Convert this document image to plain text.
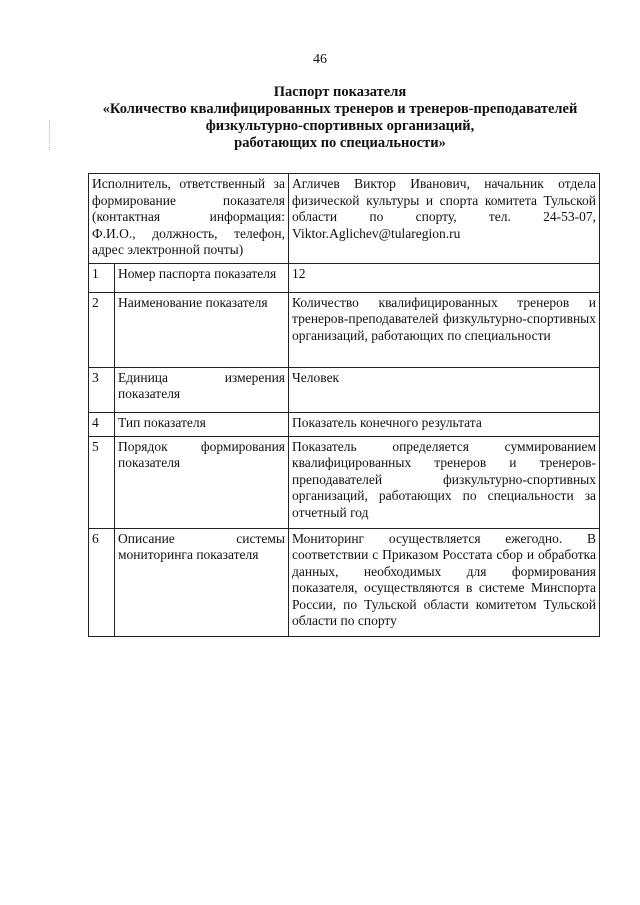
46
Паспорт показателя
«Количество квалифицированных тренеров и тренеров-преподавателей
физкультурно-спортивных организаций,
работающих по специальности»
Исполнитель, ответственный за формирование показателя (контактная информация: Ф.И.О., должность, телефон, адрес электронной почты)		Агличев Виктор Иванович, начальник отдела физической культуры и спорта комитета Тульской области по спорту, тел. 24-53-07, Viktor.Aglichev@tularegion.ru
1	Номер паспорта показателя	12
2	Наименование показателя	Количество квалифицированных тренеров и тренеров-преподавателей физкультурно-спортивных организаций, работающих по специальности
3	Единица измерения показателя	Человек
4	Тип показателя	Показатель конечного результата
5	Порядок формирования показателя	Показатель определяется суммированием квалифицированных тренеров и тренеров-преподавателей физкультурно-спортивных организаций, работающих по специальности за отчетный год
6	Описание системы мониторинга показателя	Мониторинг осуществляется ежегодно. В соответствии с Приказом Росстата сбор и обработка данных, необходимых для формирования показателя, осуществляются в системе Минспорта России, по Тульской области комитетом Тульской области по спорту
